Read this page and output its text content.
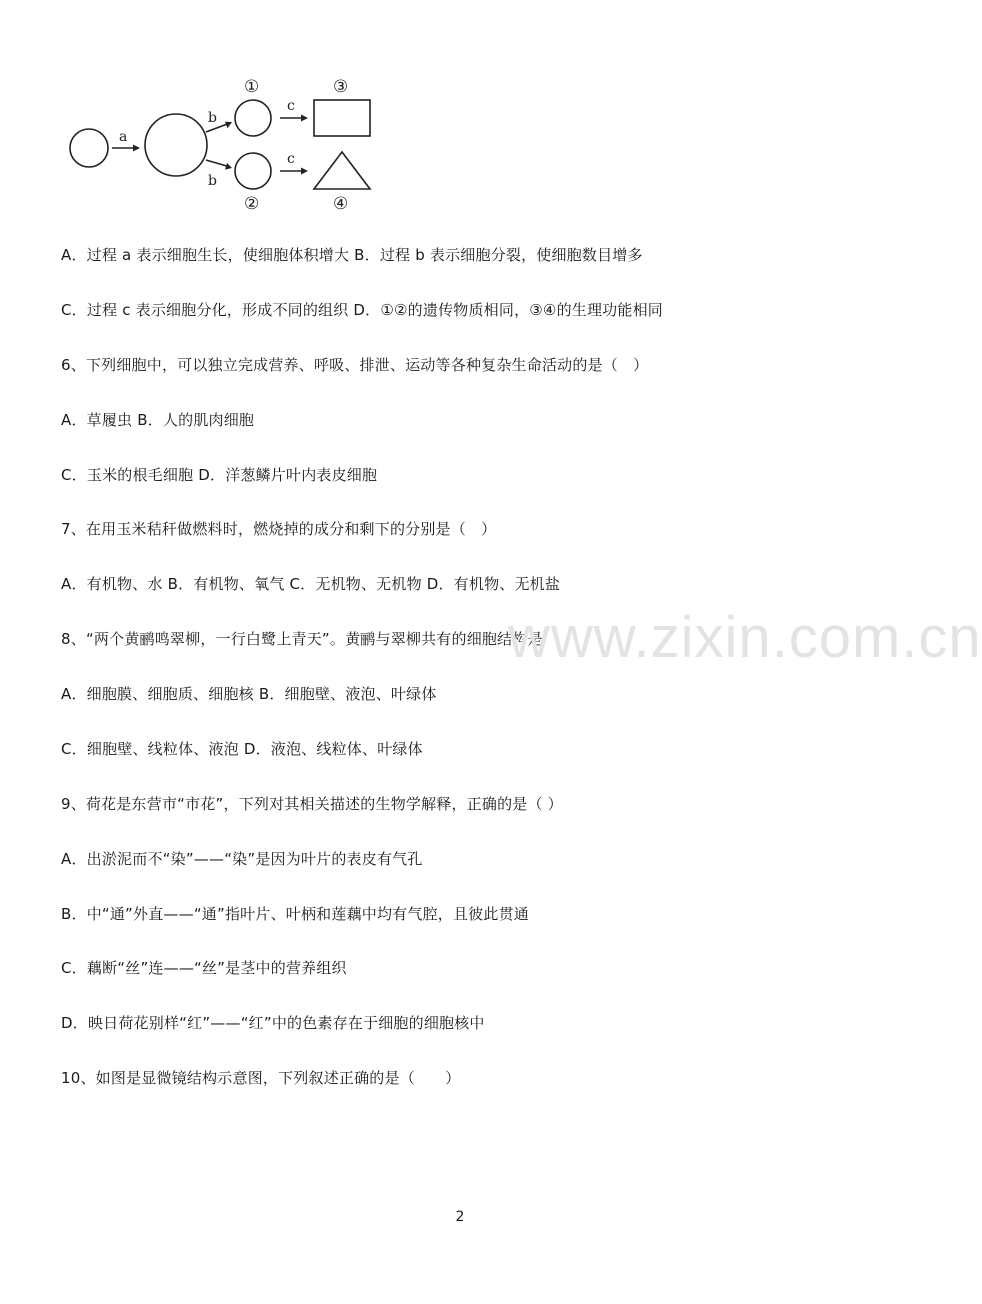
a
b
b
c
c
①
②
③
④
A．过程 a 表示细胞生长，使细胞体积增大 B．过程 b 表示细胞分裂，使细胞数目增多
C．过程 c 表示细胞分化，形成不同的组织 D．①②的遗传物质相同，③④的生理功能相同
6、下列细胞中，可以独立完成营养、呼吸、排泄、运动等各种复杂生命活动的是（　）
A．草履虫 B．人的肌肉细胞
C．玉米的根毛细胞 D．洋葱鳞片叶内表皮细胞
7、在用玉米秸秆做燃料时，燃烧掉的成分和剩下的分别是（　）
A．有机物、水 B．有机物、氧气 C．无机物、无机物 D．有机物、无机盐
8、“两个黄鹂鸣翠柳，一行白鹭上青天”。黄鹂与翠柳共有的细胞结构是
A．细胞膜、细胞质、细胞核 B．细胞壁、液泡、叶绿体
C．细胞壁、线粒体、液泡 D．液泡、线粒体、叶绿体
9、荷花是东营市“市花”，下列对其相关描述的生物学解释，正确的是（ ）
A．出淤泥而不“染”——“染”是因为叶片的表皮有气孔
B．中“通”外直——“通”指叶片、叶柄和莲藕中均有气腔，且彼此贯通
C．藕断“丝”连——“丝”是茎中的营养组织
D．映日荷花别样“红”——“红”中的色素存在于细胞的细胞核中
10、如图是显微镜结构示意图，下列叙述正确的是（　　）
www.zixin.com.cn
2
